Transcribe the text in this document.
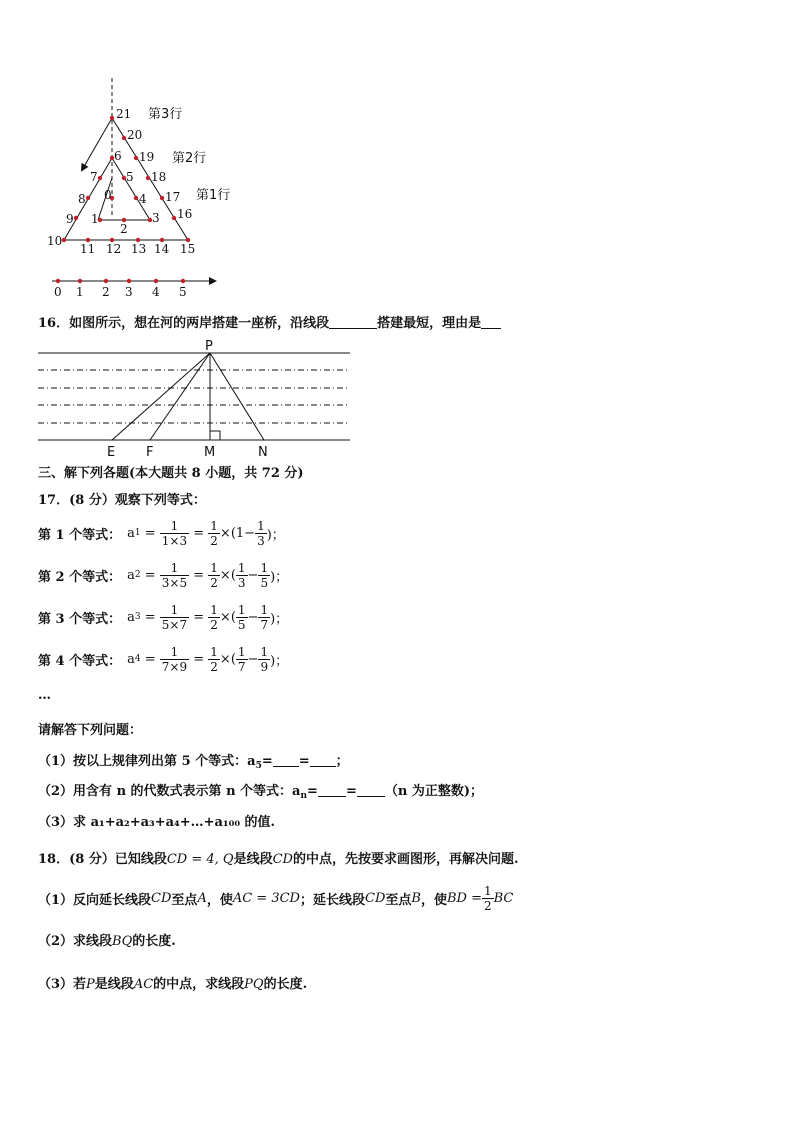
21
20
19
18
17
16
15
14
13
12
11
10
9
8
7
6
5
4
3
2
1
0
第3行
第2行
第1行
0 1 2 3 4 5
16．如图所示，想在河的两岸搭建一座桥，沿线段	搭建最短，理由是
P
E F	M	N
三、解下列各题(本大题共 8 小题，共 72 分)
17．(8 分）观察下列等式：
第 1 个等式： a $1 = \frac{1}{1\times 3} = \frac{1}{2} \times(1- \frac{1}{3}$ )；
第 2 个等式： a $2 = \frac{1}{3\times 5} = \frac{1}{2}$ ×( $\frac{1}{3} - \frac{1}{5}$ )；
第 3 个等式： a $3 = \frac{1}{5\times 7} = \frac{1}{2}$ ×( $\frac{1}{5} - \frac{1}{7}$ )；
第 4 个等式： a $4 = \frac{1}{7\times 9} = \frac{1}{2}$ ×( $\frac{1}{7} - \frac{1}{9}$ )；
…
请解答下列问题：
（1）按以上规律列出第 5 个等式：$a_5=$ = ；
（2）用含有 n 的代数式表示第 n 个等式：$a_n= = (n$ 为正整数)；
（3）求 a₁+a₂+a₃+a₄+…+a₁₀₀ 的值.
18．(8 分）已知线段CD = 4, Q是线段CD的中点，先按要求画图形，再解决问题.
（1）反向延长线段 CD 至点 A ，使 AC = 3CD ；延长线段 CD 至点 B ，使 BD = $\frac{1}{2}$ BC
（2）求线段BQ的长度.
（3）若P是线段AC的中点，求线段PQ的长度.
